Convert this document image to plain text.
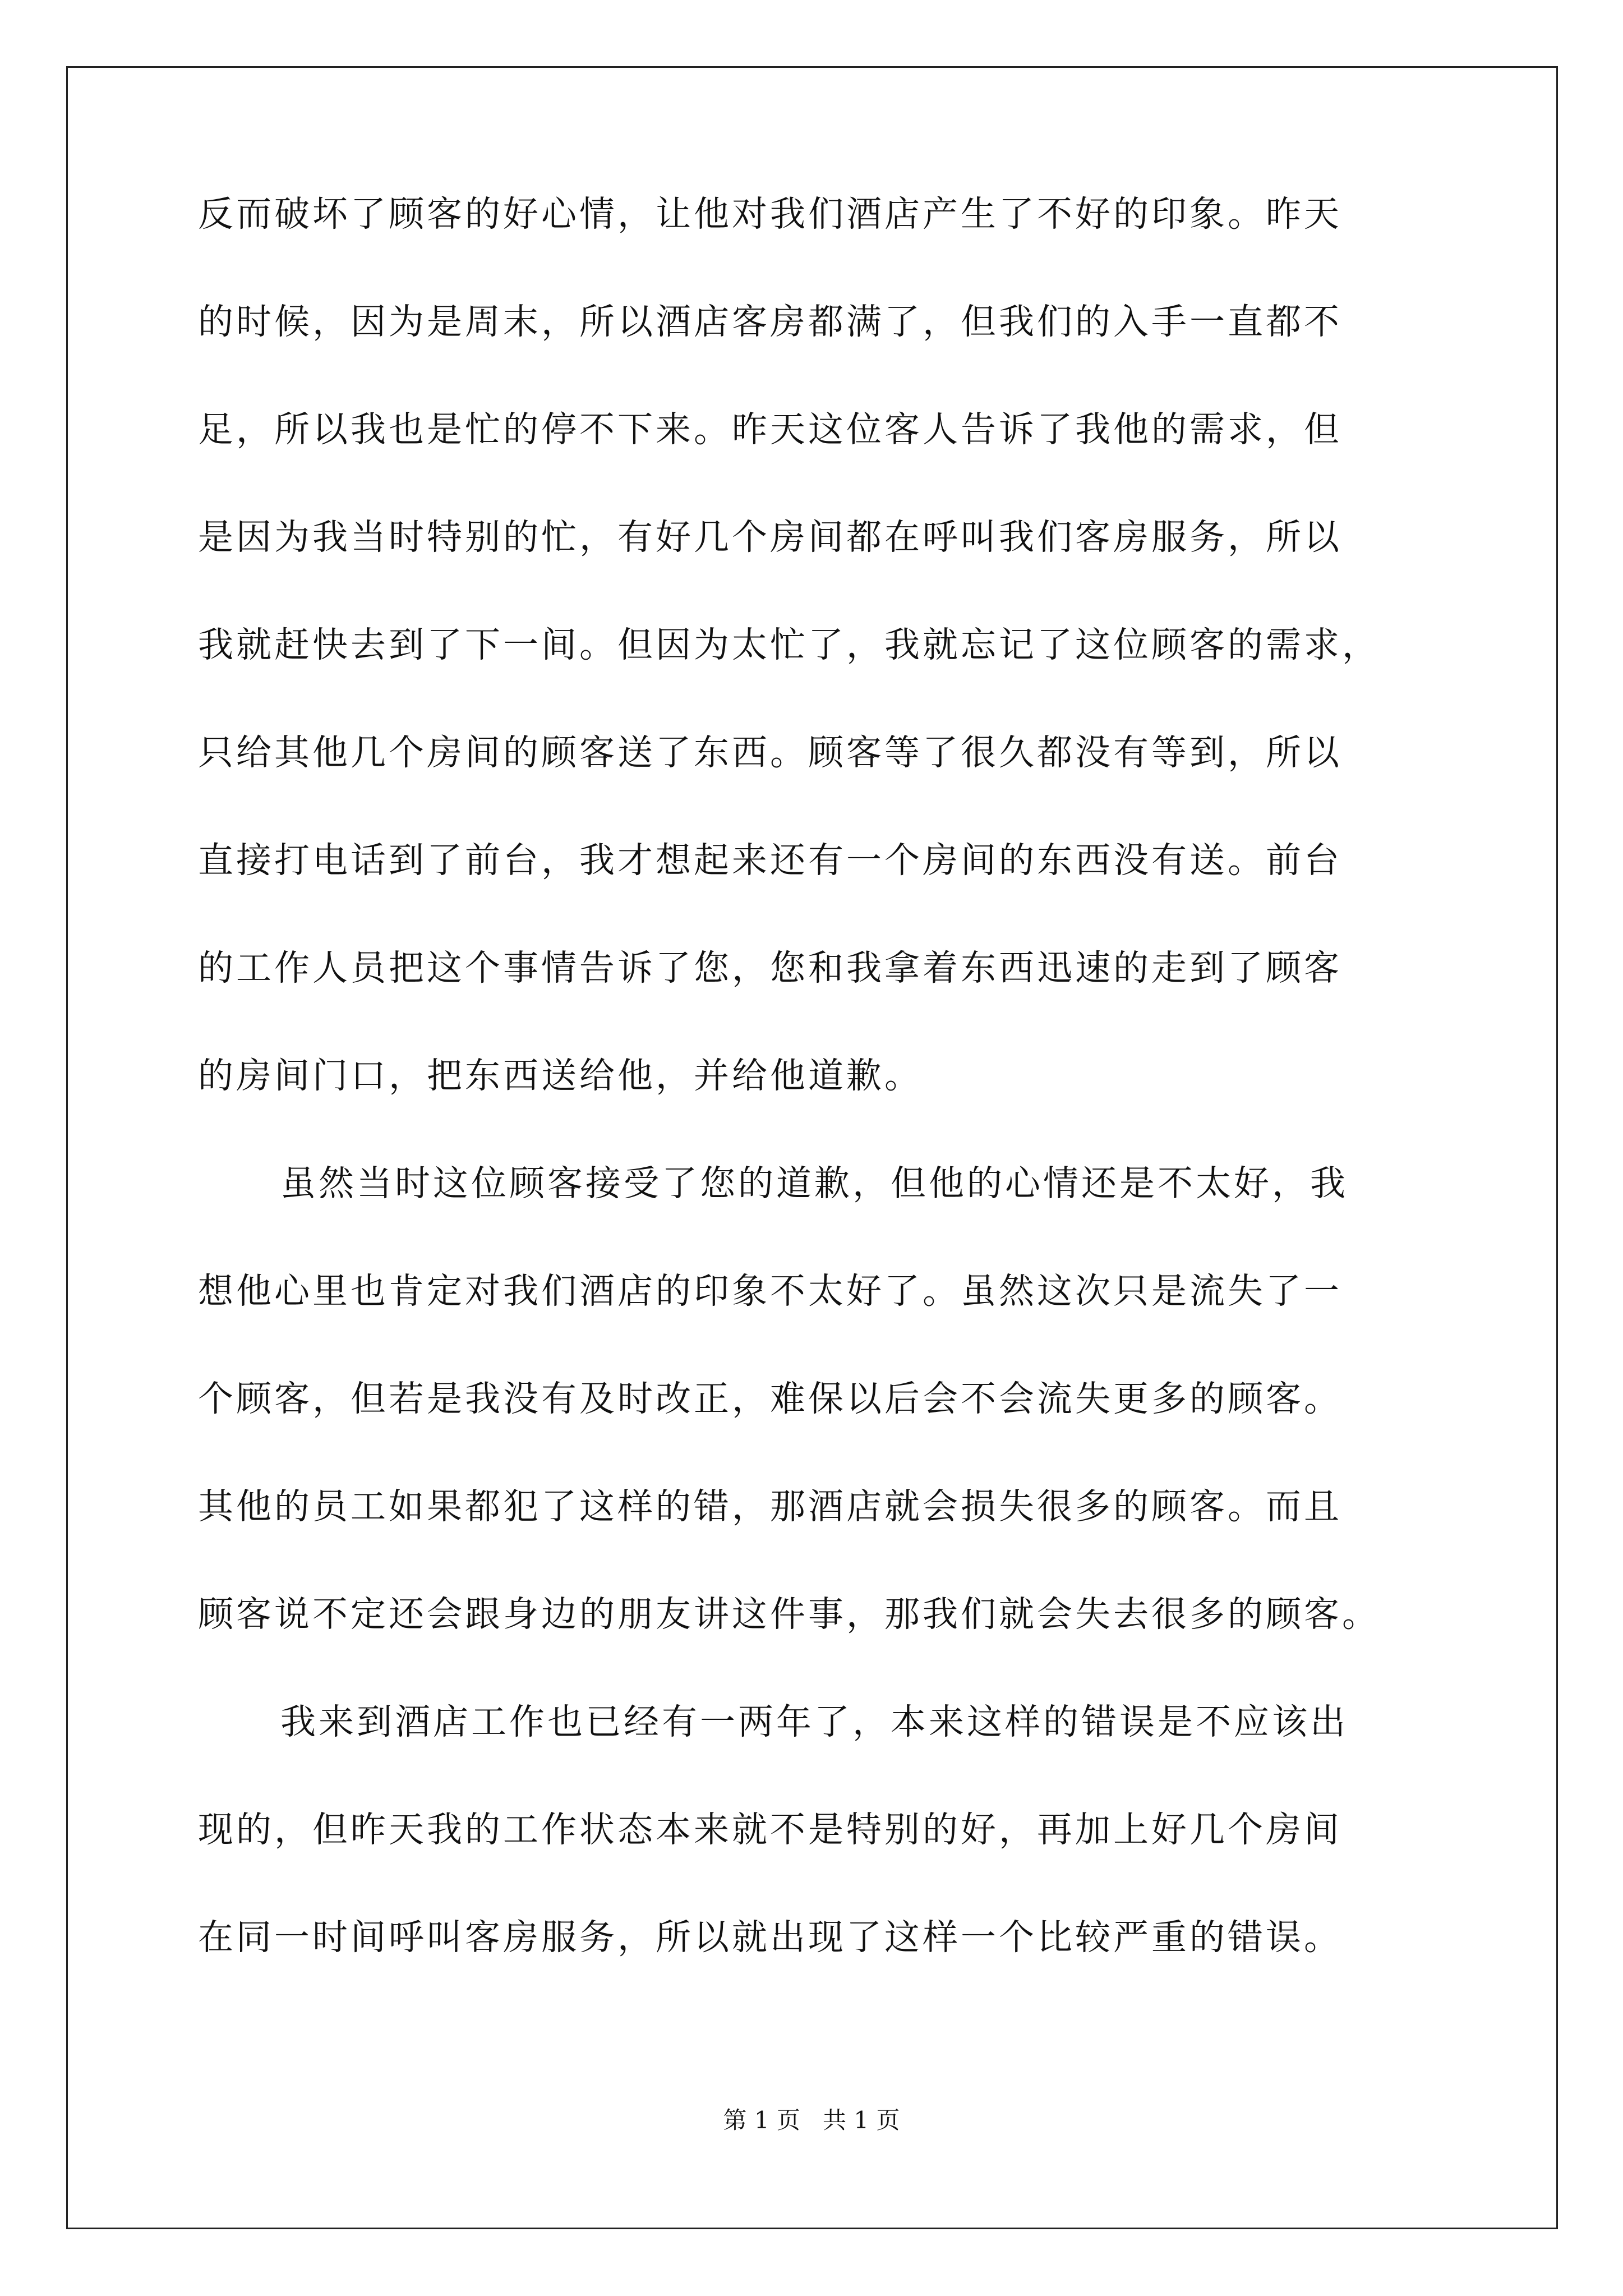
反而破坏了顾客的好心情，让他对我们酒店产生了不好的印象。昨天
的时候，因为是周末，所以酒店客房都满了，但我们的入手一直都不
足，所以我也是忙的停不下来。昨天这位客人告诉了我他的需求，但
是因为我当时特别的忙，有好几个房间都在呼叫我们客房服务，所以
我就赶快去到了下一间。但因为太忙了，我就忘记了这位顾客的需求，
只给其他几个房间的顾客送了东西。顾客等了很久都没有等到，所以
直接打电话到了前台，我才想起来还有一个房间的东西没有送。前台
的工作人员把这个事情告诉了您，您和我拿着东西迅速的走到了顾客
的房间门口，把东西送给他，并给他道歉。
虽然当时这位顾客接受了您的道歉，但他的心情还是不太好，我
想他心里也肯定对我们酒店的印象不太好了。虽然这次只是流失了一
个顾客，但若是我没有及时改正，难保以后会不会流失更多的顾客。
其他的员工如果都犯了这样的错，那酒店就会损失很多的顾客。而且
顾客说不定还会跟身边的朋友讲这件事，那我们就会失去很多的顾客。
我来到酒店工作也已经有一两年了，本来这样的错误是不应该出
现的，但昨天我的工作状态本来就不是特别的好，再加上好几个房间
在同一时间呼叫客房服务，所以就出现了这样一个比较严重的错误。
第 1 页   共 1 页
